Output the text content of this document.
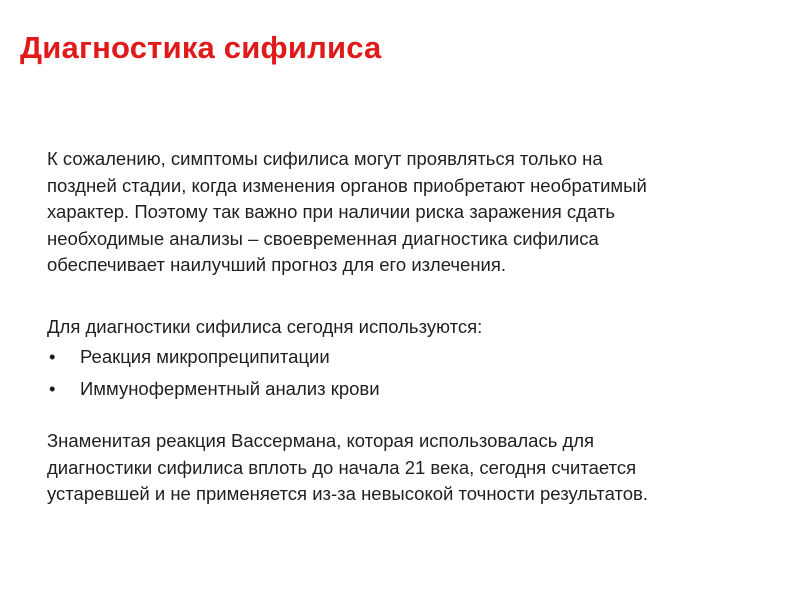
Диагностика сифилиса

К сожалению, симптомы сифилиса могут проявляться только на
поздней стадии, когда изменения органов приобретают необратимый
характер. Поэтому так важно при наличии риска заражения сдать
необходимые анализы – своевременная диагностика сифилиса
обеспечивает наилучший прогноз для его излечения.

Для диагностики сифилиса сегодня используются:

• Реакция микропреципитации
• Иммуноферментный анализ крови

Знаменитая реакция Вассермана, которая использовалась для
диагностики сифилиса вплоть до начала 21 века, сегодня считается
устаревшей и не применяется из-за невысокой точности результатов.
